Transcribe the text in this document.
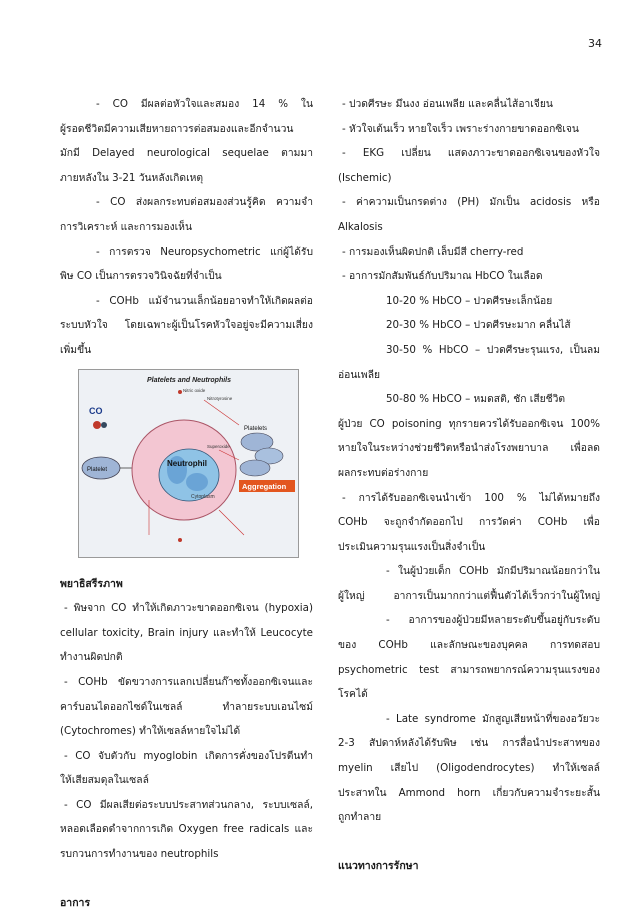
34
- CO มีผลต่อหัวใจและสมอง 14 % ใน
ผู้รอดชีวิตมีความเสียหายถาวรต่อสมองและอีกจำนวน
มักมี Delayed neurological sequelae ตามมา
ภายหลังใน 3-21 วันหลังเกิดเหตุ
- CO ส่งผลกระทบต่อสมองส่วนรู้คิด ความจำ
การวิเคราะห์ และการมองเห็น
- การตรวจ Neuropsychometric แก่ผู้ได้รับ
พิษ CO เป็นการตรวจวินิจฉัยที่จำเป็น
- COHb แม้จำนวนเล็กน้อยอาจทำให้เกิดผลต่อ
ระบบหัวใจ โดยเฉพาะผู้เป็นโรคหัวใจอยู่จะมีความเสี่ยง
เพิ่มขึ้น
Platelets and Neutrophils
CO
Platelet
Neutrophil
Cytoplasm
Nitric oxide
Nitrotyrosine
Superoxide
Platelets
Aggregation
พยาธิสรีรภาพ
- พิษจาก CO ทำให้เกิดภาวะขาดออกซิเจน (hypoxia)
cellular toxicity, Brain injury และทำให้ Leucocyte
ทำงานผิดปกติ
- COHb ขัดขวางการแลกเปลี่ยนก๊าซทั้งออกซิเจนและ
คาร์บอนไดออกไซด์ในเซลล์ ทำลายระบบเอนไซม์
(Cytochromes) ทำให้เซลล์หายใจไม่ได้
- CO จับตัวกับ myoglobin เกิดการคั่งของโปรตีนทำ
ให้เสียสมดุลในเซลล์
- CO มีผลเสียต่อระบบประสาทส่วนกลาง, ระบบเซลล์,
หลอดเลือดดำจากการเกิด Oxygen free radicals และ
รบกวนการทำงานของ neutrophils
อาการ
- ปวดศีรษะ มึนงง อ่อนเพลีย และคลื่นไส้อาเจียน
- หัวใจเต้นเร็ว หายใจเร็ว เพราะร่างกายขาดออกซิเจน
- EKG เปลี่ยน แสดงภาวะขาดออกซิเจนของหัวใจ
(Ischemic)
- ค่าความเป็นกรดต่าง (PH) มักเป็น acidosis หรือ
Alkalosis
- การมองเห็นผิดปกติ เล็บมีสี cherry-red
- อาการมักสัมพันธ์กับปริมาณ HbCO ในเลือด
10-20 % HbCO – ปวดศีรษะเล็กน้อย
20-30 % HbCO – ปวดศีรษะมาก คลื่นไส้
30-50 % HbCO – ปวดศีรษะรุนแรง, เป็นลม
อ่อนเพลีย
50-80 % HbCO – หมดสติ, ชัก เสียชีวิต
ผู้ป่วย CO poisoning ทุกรายควรได้รับออกซิเจน 100%
หายใจในระหว่างช่วยชีวิตหรือนำส่งโรงพยาบาล เพื่อลด
ผลกระทบต่อร่างกาย
- การได้รับออกซิเจนนำเข้า 100 % ไม่ได้หมายถึง
COHb จะถูกจำกัดออกไป การวัดค่า COHb เพื่อ
ประเมินความรุนแรงเป็นสิ่งจำเป็น
- ในผู้ป่วยเด็ก COHb มักมีปริมาณน้อยกว่าใน
ผู้ใหญ่ อาการเป็นมากกว่าแต่ฟื้นตัวได้เร็วกว่าในผู้ใหญ่
- อาการของผู้ป่วยมีหลายระดับขึ้นอยู่กับระดับ
ของ COHb และลักษณะของบุคคล การทดสอบ
psychometric test สามารถพยากรณ์ความรุนแรงของ
โรคได้
- Late syndrome มักสูญเสียหน้าที่ของอวัยวะ
2-3 สัปดาห์หลังได้รับพิษ เช่น การสื่อนำประสาทของ
myelin เสียไป (Oligodendrocytes) ทำให้เซลล์
ประสาทใน Ammond horn เกี่ยวกับความจำระยะสั้น
ถูกทำลาย
แนวทางการรักษา
